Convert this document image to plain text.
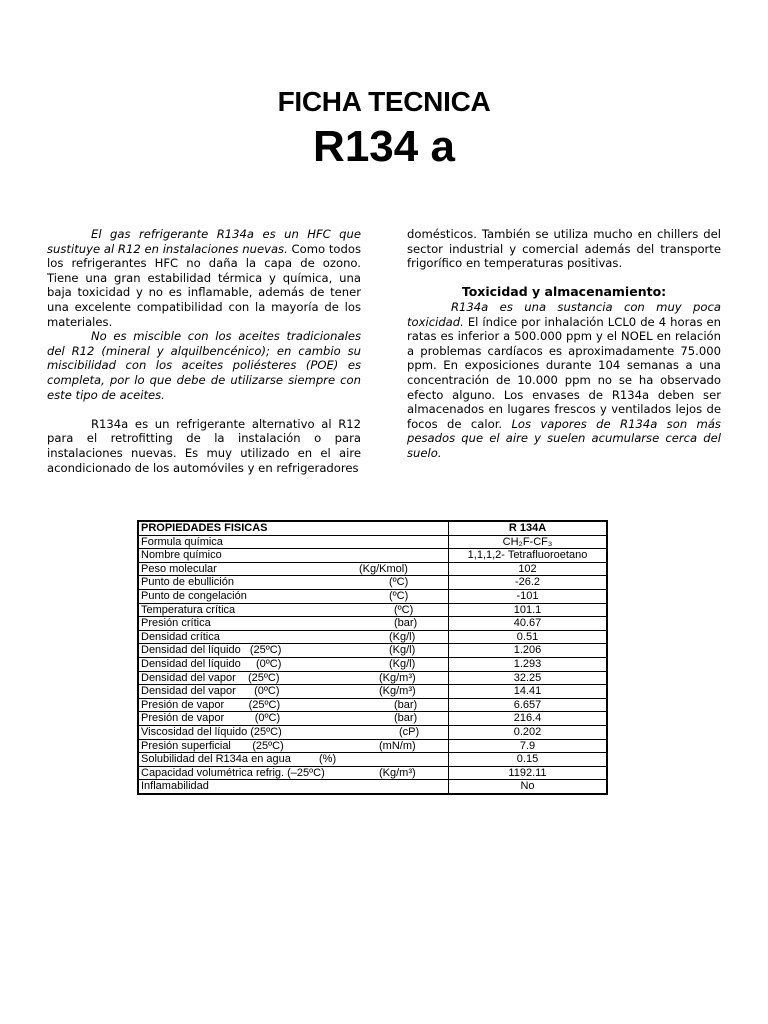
FICHA TECNICA
R134 a

El gas refrigerante R134a es un HFC que sustituye al R12 en instalaciones nuevas. Como todos los refrigerantes HFC no daña la capa de ozono. Tiene una gran estabilidad térmica y química, una baja toxicidad y no es inflamable, además de tener una excelente compatibilidad con la mayoría de los materiales.

No es miscible con los aceites tradicionales del R12 (mineral y alquilbencénico); en cambio su miscibilidad con los aceites poliésteres (POE) es completa, por lo que debe de utilizarse siempre con este tipo de aceites.

R134a es un refrigerante alternativo al R12 para el retrofitting de la instalación o para instalaciones nuevas. Es muy utilizado en el aire acondicionado de los automóviles y en refrigeradores

domésticos. También se utiliza mucho en chillers del sector industrial y comercial además del transporte frigorífico en temperaturas positivas.

Toxicidad y almacenamiento:

R134a es una sustancia con muy poca toxicidad. El índice por inhalación LCL0 de 4 horas en ratas es inferior a 500.000 ppm y el NOEL en relación a problemas cardíacos es aproximadamente 75.000 ppm. En exposiciones durante 104 semanas a una concentración de 10.000 ppm no se ha observado efecto alguno. Los envases de R134a deben ser almacenados en lugares frescos y ventilados lejos de focos de calor. Los vapores de R134a son más pesados que el aire y suelen acumularse cerca del suelo.

PROPIEDADES FISICAS	R 134A
Formula química	CH₂F-CF₃
Nombre químico	1,1,1,2- Tetrafluoroetano
Peso molecular (Kg/Kmol)	102
Punto de ebullición (ºC)	-26.2
Punto de congelación (ºC)	-101
Temperatura crítica (ºC)	101.1
Presión crítica (bar)	40.67
Densidad crítica (Kg/l)	0.51
Densidad del líquido   (25ºC) (Kg/l)	1.206
Densidad del líquido     (0ºC) (Kg/l)	1.293
Densidad del vapor    (25ºC) (Kg/m³)	32.25
Densidad del vapor      (0ºC) (Kg/m³)	14.41
Presión de vapor        (25ºC) (bar)	6.657
Presión de vapor          (0ºC) (bar)	216.4
Viscosidad del líquido (25ºC) (cP)	0.202
Presión superficial       (25ºC) (mN/m)	7.9
Solubilidad del R134a en agua (%)	0.15
Capacidad volumétrica refrig. (–25ºC) (Kg/m³)	1192.11
Inflamabilidad	No
